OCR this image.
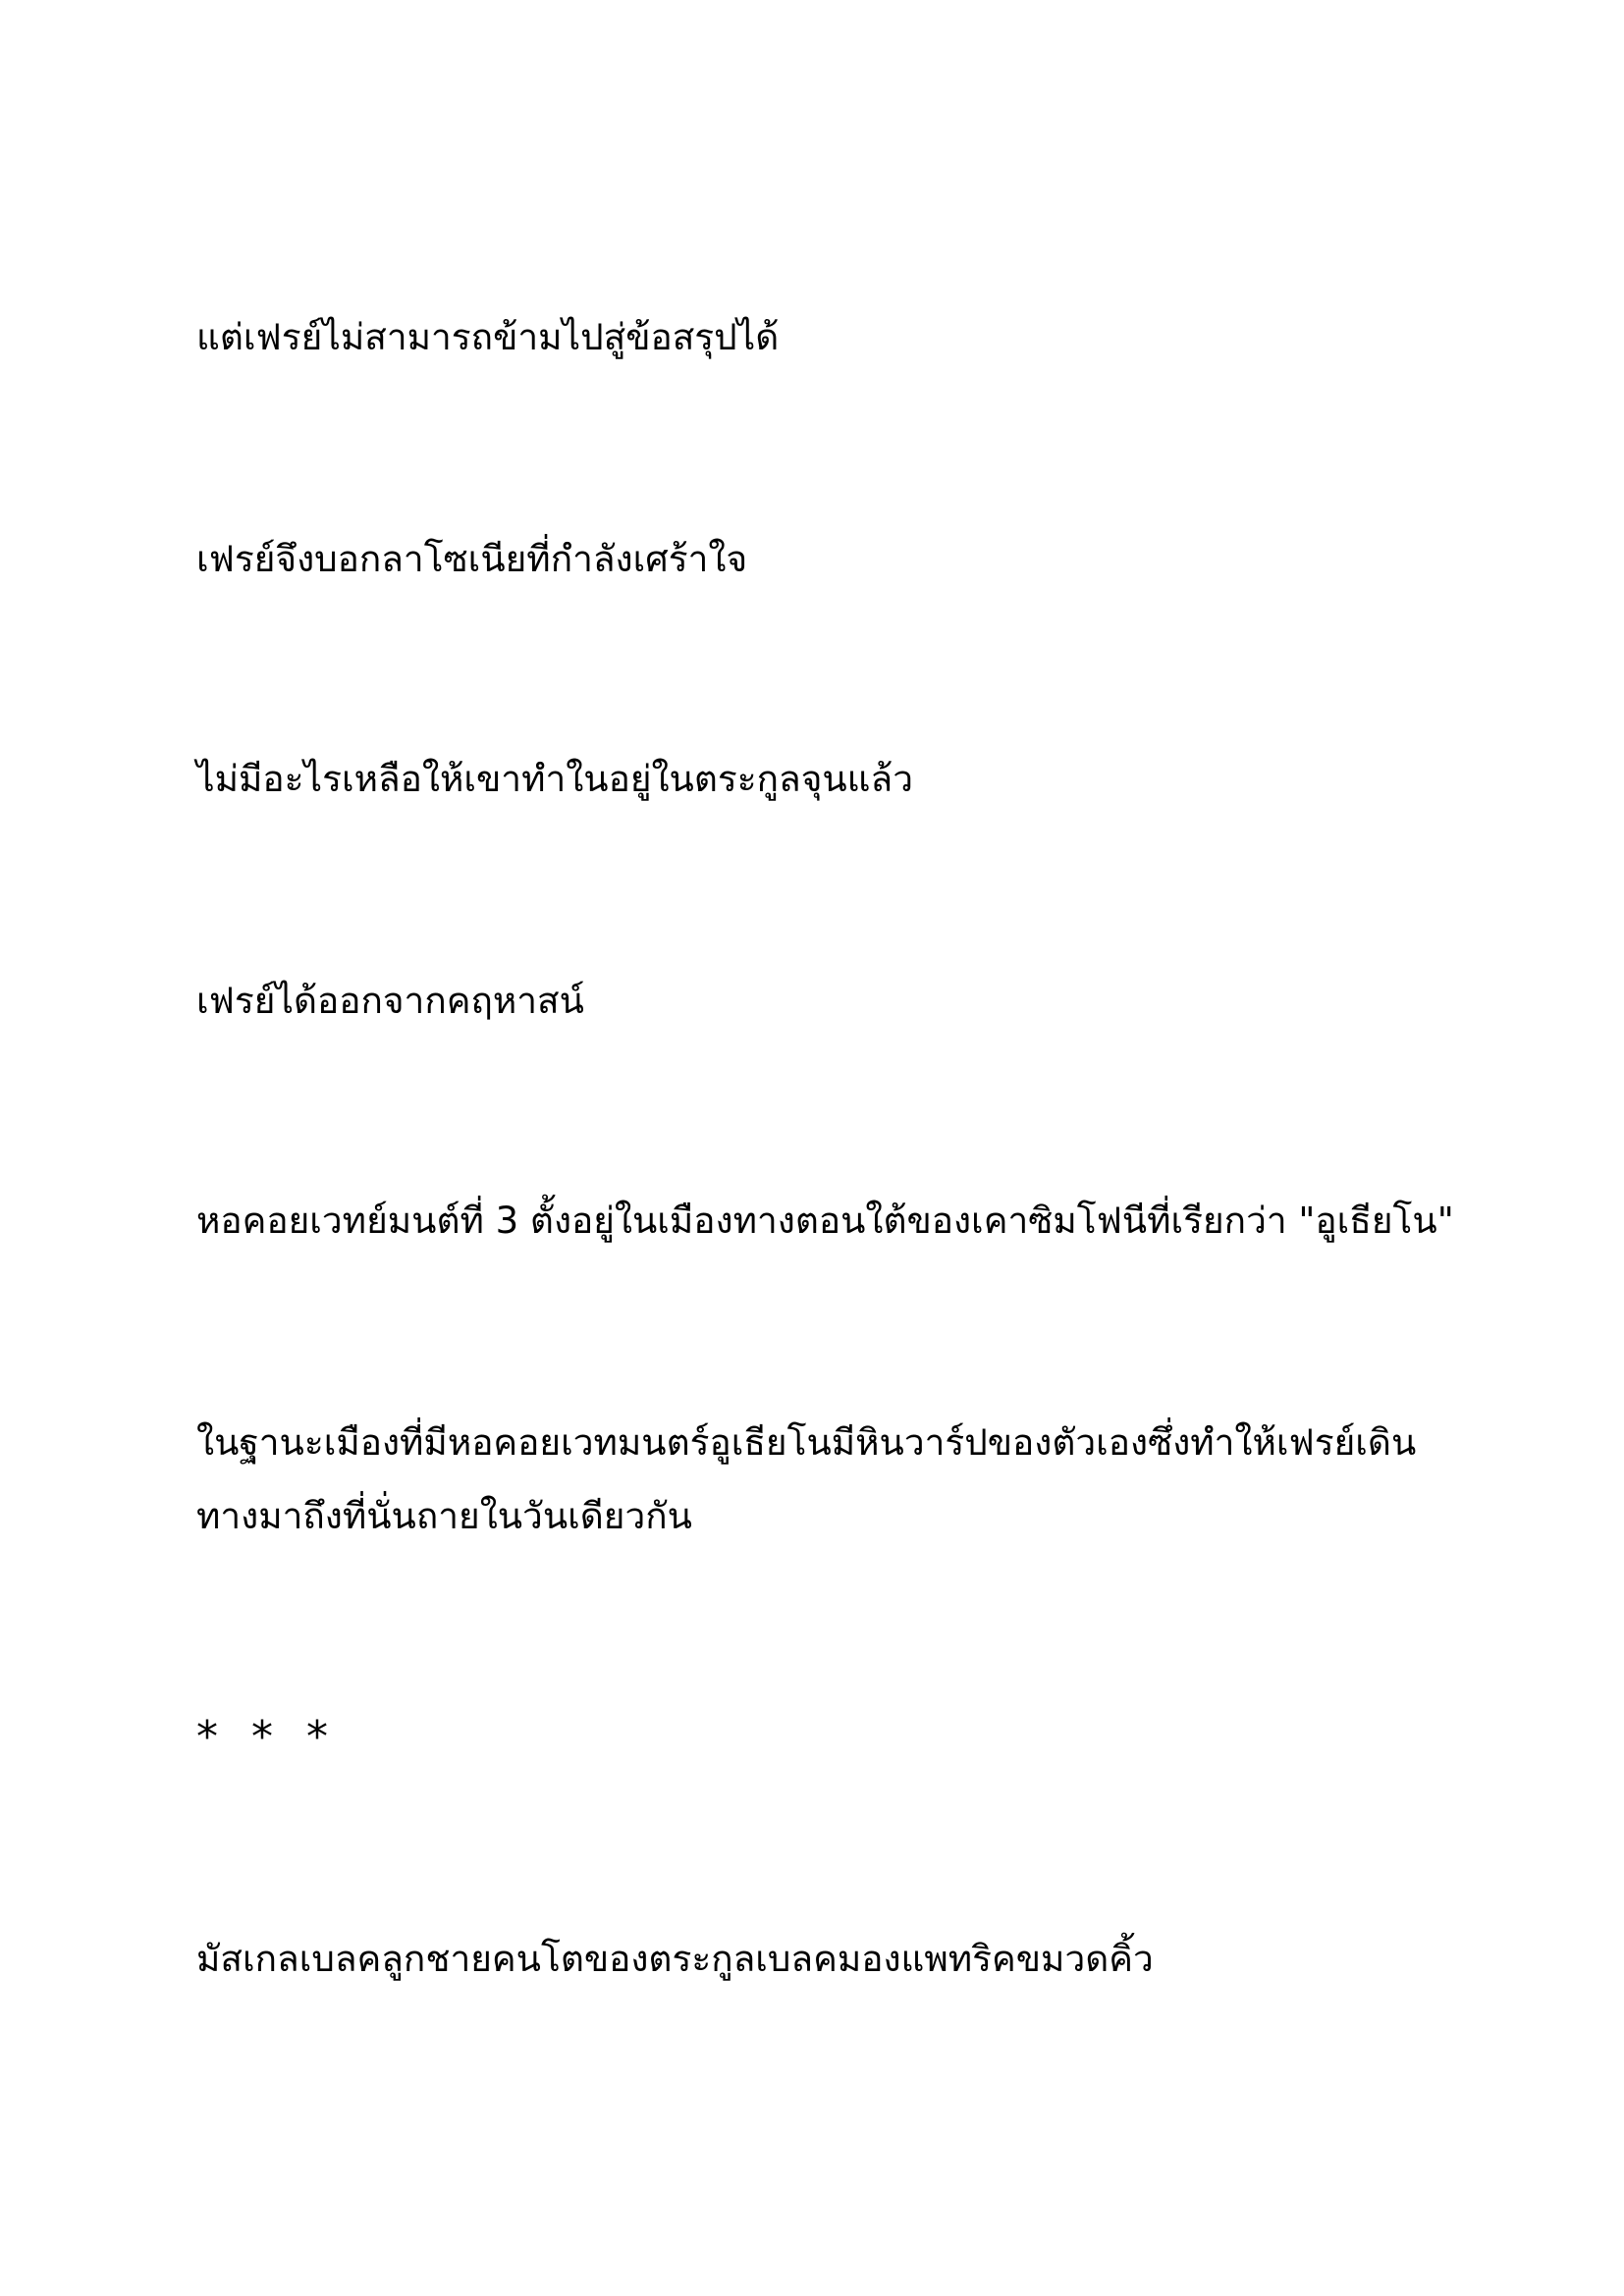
แต่เฟรย์ไม่สามารถข้ามไปสู่ข้อสรุปได้

เฟรย์จึงบอกลาโซเนียที่กำลังเศร้าใจ

ไม่มีอะไรเหลือให้เขาทำในอยู่ในตระกูลจุนแล้ว

เฟรย์ได้ออกจากคฤหาสน์

หอคอยเวทย์มนต์ที่ 3 ตั้งอยู่ในเมืองทางตอนใต้ของเคาซิมโฟนีที่เรียกว่า "อูเธียโน"

ในฐานะเมืองที่มีหอคอยเวทมนตร์อูเธียโนมีหินวาร์ปของตัวเองซึ่งทำให้เฟรย์เดินทางมาถึงที่นั่นถายในวันเดียวกัน

* * *

มัสเกลเบลคลูกชายคนโตของตระกูลเบลคมองแพทริคขมวดคิ้ว
